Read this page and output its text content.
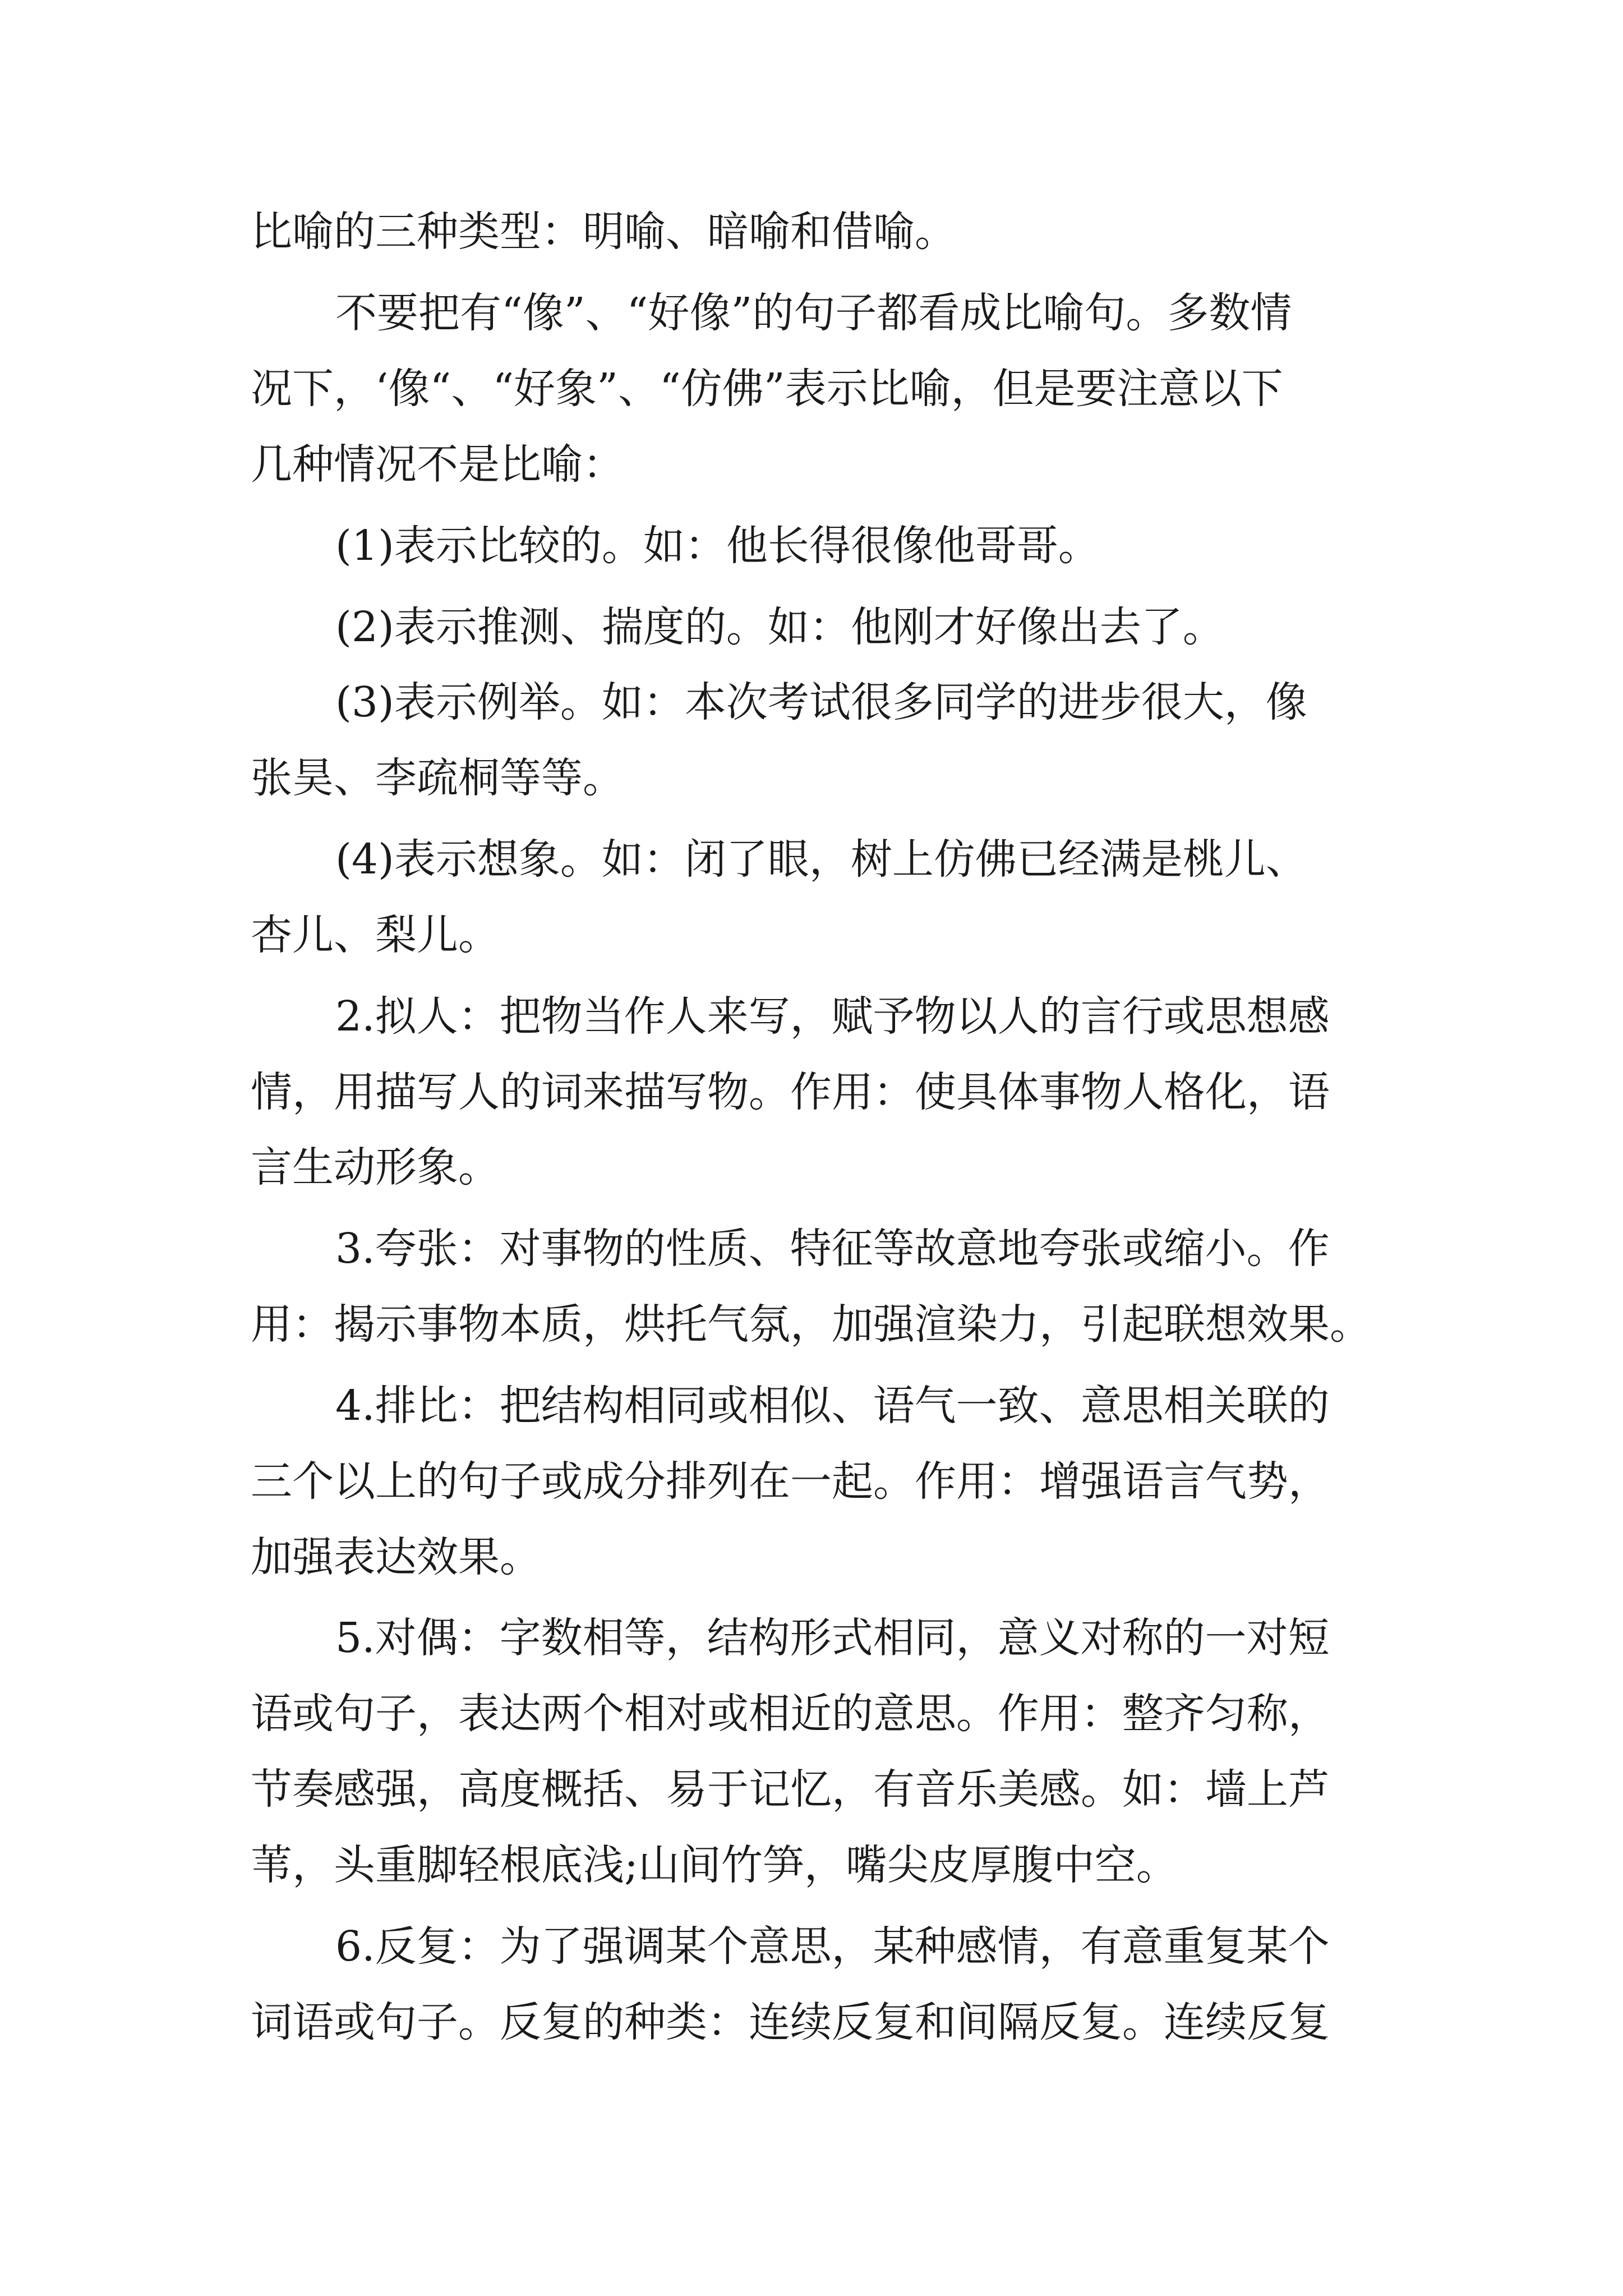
比喻的三种类型：明喻、暗喻和借喻。
不要把有“像”、“好像”的句子都看成比喻句。多数情
况下，‘像“、“好象”、“仿佛”表示比喻，但是要注意以下
几种情况不是比喻：
(1)表示比较的。如：他长得很像他哥哥。
(2)表示推测、揣度的。如：他刚才好像出去了。
(3)表示例举。如：本次考试很多同学的进步很大，像
张昊、李疏桐等等。
(4)表示想象。如：闭了眼，树上仿佛已经满是桃儿、
杏儿、梨儿。
2.拟人：把物当作人来写，赋予物以人的言行或思想感
情，用描写人的词来描写物。作用：使具体事物人格化，语
言生动形象。
3.夸张：对事物的性质、特征等故意地夸张或缩小。作
用：揭示事物本质，烘托气氛，加强渲染力，引起联想效果。
4.排比：把结构相同或相似、语气一致、意思相关联的
三个以上的句子或成分排列在一起。作用：增强语言气势，
加强表达效果。
5.对偶：字数相等，结构形式相同，意义对称的一对短
语或句子，表达两个相对或相近的意思。作用：整齐匀称，
节奏感强，高度概括、易于记忆，有音乐美感。如：墙上芦
苇，头重脚轻根底浅;山间竹笋，嘴尖皮厚腹中空。
6.反复：为了强调某个意思，某种感情，有意重复某个
词语或句子。反复的种类：连续反复和间隔反复。连续反复
